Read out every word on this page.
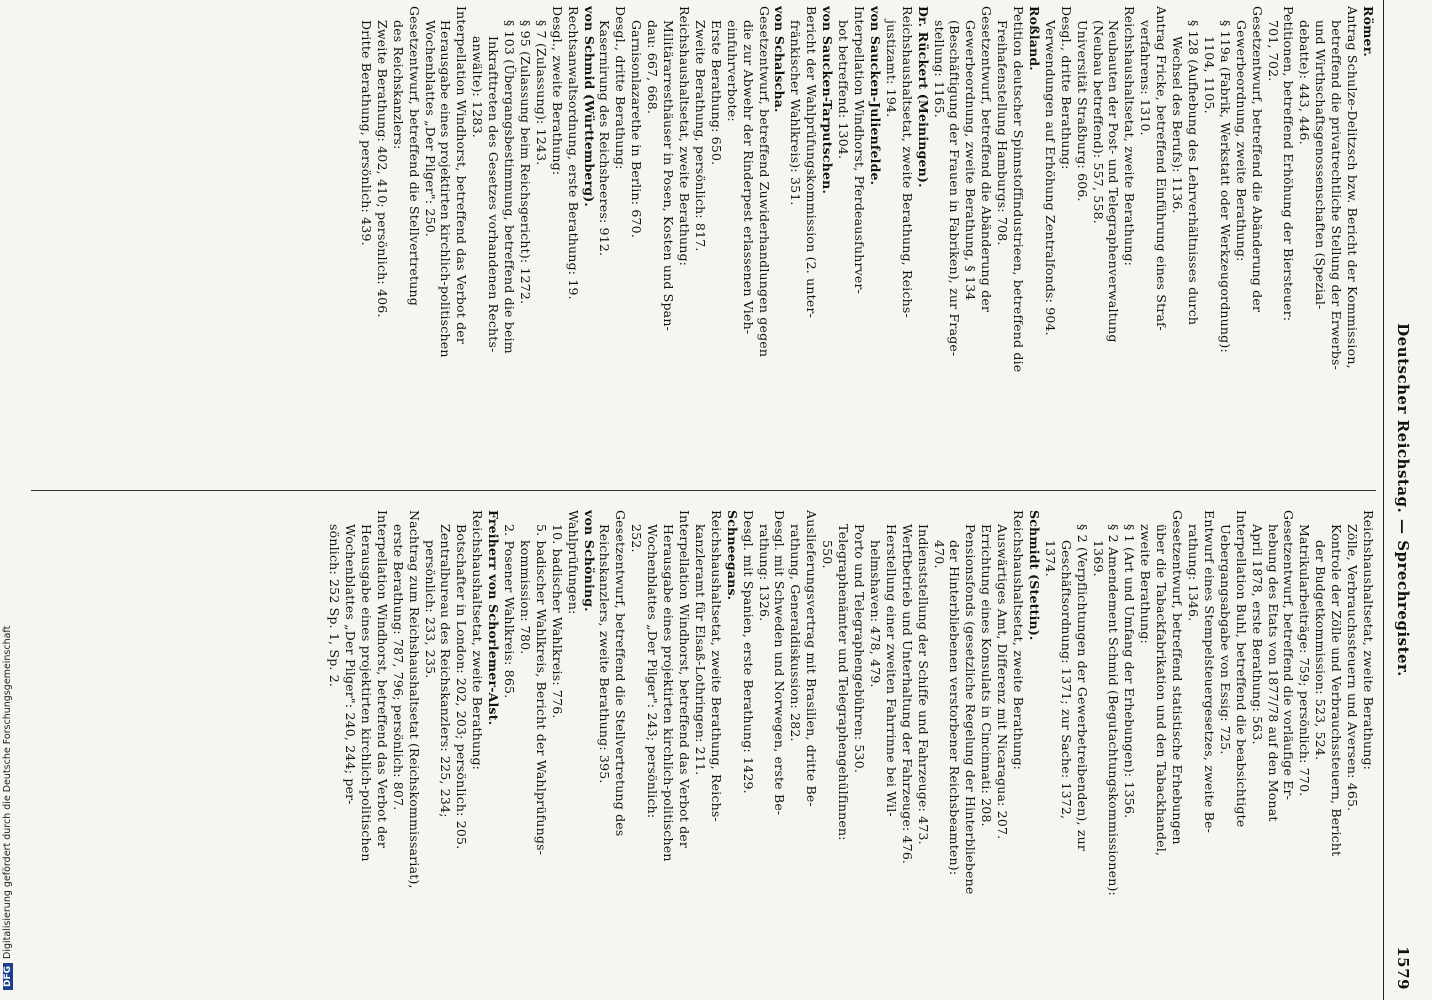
Deutscher Reichstag. — Sprechregister.
1579
Römer.
Antrag Schulze-Delitzsch bzw. Bericht der Kommission,
betreffend die privatrechtliche Stellung der Erwerbs-
und Wirthschaftsgenossenschaften (Spezial-
debatte): 443, 446.
Petitionen, betreffend Erhöhung der Biersteuer:
701, 702.
Gesetzentwurf, betreffend die Abänderung der
Gewerbeordnung, zweite Berathung:
§ 119a (Fabrik, Werkstatt oder Werkzeugordnung):
1104, 1105.
§ 128 (Aufhebung des Lehrverhältnisses durch
Wechsel des Berufs): 1136.
Antrag Fricke, betreffend Einführung eines Straf-
verfahrens: 1310.
Reichshaushaltsetat, zweite Berathung:
Neubauten der Post- und Telegraphenverwaltung
(Neubau betreffend): 557, 558.
Universität Straßburg: 606.
Desgl., dritte Berathung:
Verwendungen auf Erhöhung Zentralfonds: 904.
Roßland.
Petition deutscher Spinnstoffindustrieen, betreffend die
Freihafenstellung Hamburgs: 708.
Gesetzentwurf, betreffend die Abänderung der
Gewerbeordnung, zweite Berathung, § 134
(Beschäftigung der Frauen in Fabriken), zur Frage-
stellung: 1165.
Dr. Rückert (Meiningen).
Reichshaushaltsetat, zweite Berathung, Reichs-
justizamt: 194.
von Saucken-Julienfelde.
Interpellation Windhorst, Pferdeausfuhrver-
bot betreffend: 1304.
von Saucken-Tarputschen.
Bericht der Wahlprüfungskommission (2. unter-
fränkischer Wahlkreis): 351.
von Schalscha.
Gesetzentwurf, betreffend Zuwiderhandlungen gegen
die zur Abwehr der Rinderpest erlassenen Vieh-
einfuhrverbote:
Erste Berathung: 650.
Zweite Berathung, persönlich: 817.
Reichshaushaltsetat, zweite Berathung:
Militärarresthäuser in Posen, Kosten und Span-
dau: 667, 668.
Garnisonlazarethe in Berlin: 670.
Desgl., dritte Berathung:
Kasernirung des Reichsheeres: 912.
von Schmid (Württemberg).
Rechtsanwaltsordnung, erste Berathung: 19.
Desgl., zweite Berathung:
§ 7 (Zulassung): 1243.
§ 95 (Zulassung beim Reichsgericht): 1272.
§ 103 (Übergangsbestimmung, betreffend die beim
Inkrafttreten des Gesetzes vorhandenen Rechts-
anwälte): 1283.
Interpellation Windhorst, betreffend das Verbot der
Herausgabe eines projektirten kirchlich-politischen
Wochenblattes „Der Pilger": 250.
Gesetzentwurf, betreffend die Stellvertretung
des Reichskanzlers:
Zweite Berathung: 402, 410; persönlich: 406.
Dritte Berathung, persönlich: 439.
Reichshaushaltsetat, zweite Berathung:
Zölle, Verbrauchssteuern und Aversen: 465.
Kontrole der Zölle und Verbrauchssteuern, Bericht
der Budgetkommission: 523, 524.
Matrikularbeiträge: 759; persönlich: 770.
Gesetzentwurf, betreffend die vorläufige Er-
hebung des Etats von 1877/78 auf den Monat
April 1878, erste Berathung: 563.
Interpellation Buhl, betreffend die beabsichtigte
Uebergangsabgabe von Essig: 725.
Entwurf eines Stempelsteuergesetzes, zweite Be-
rathung: 1346.
Gesetzentwurf, betreffend statistische Erhebungen
über die Tabackfabrikation und den Tabackhandel,
zweite Berathung:
§ 1 (Art und Umfang der Erhebungen): 1356.
§ 2 Amendement Schmid (Begutachtungskommissionen):
1369.
§ 2 (Verpflichtungen der Gewerbetreibenden), zur
Geschäftsordnung: 1371; zur Sache: 1372,
1374.
Schmidt (Stettin).
Reichshaushaltsetat, zweite Berathung:
Auswärtiges Amt, Differenz mit Nicaragua: 207.
Errichtung eines Konsulats in Cincinnati: 208.
Pensionsfonds (gesetzliche Regelung der Hinterbliebene
der Hinterbliebenen verstorbener Reichsbeamten):
470.
Indienststellung der Schiffe und Fahrzeuge: 473.
Werftbetrieb und Unterhaltung der Fahrzeuge: 476.
Herstellung einer zweiten Fahrrinne bei Wil-
helmshaven: 478, 479.
Porto und Telegraphengebühren: 530.
Telegraphenämter und Telegraphengehülfinnen:
550.
Auslieferungsvertrag mit Brasilien, dritte Be-
rathung, Generaldiskussion: 282.
Desgl. mit Schweden und Norwegen, erste Be-
rathung: 1326.
Desgl. mit Spanien, erste Berathung: 1429.
Schneegans.
Reichshaushaltsetat, zweite Berathung, Reichs-
kanzleramt für Elsaß-Lothringen: 211.
Interpellation Windhorst, betreffend das Verbot der
Herausgabe eines projektirten kirchlich-politischen
Wochenblattes „Der Pilger": 243; persönlich:
252.
Gesetzentwurf, betreffend die Stellvertretung des
Reichskanzlers, zweite Berathung: 395.
von Schöning.
Wahlprüfungen:
10. badischer Wahlkreis: 776.
5. badischer Wahlkreis, Bericht der Wahlprüfungs-
kommission: 780.
2. Posener Wahlkreis: 865.
Freiherr von Schorlemer-Alst.
Reichshaushaltsetat, zweite Berathung:
Botschafter in London: 202, 203; persönlich: 205.
Zentralbureau des Reichskanzlers: 225, 234;
persönlich: 233, 235.
Nachtrag zum Reichshaushaltsetat (Reichskommissariat),
erste Berathung: 787, 796; persönlich: 807.
Interpellation Windhorst, betreffend das Verbot der
Herausgabe eines projektirten kirchlich-politischen
Wochenblattes „Der Pilger": 240, 244; per-
sönlich: 252 Sp. 1, Sp. 2.
DFGDigitalisierung gefördert durch die Deutsche Forschungsgemeinschaft
